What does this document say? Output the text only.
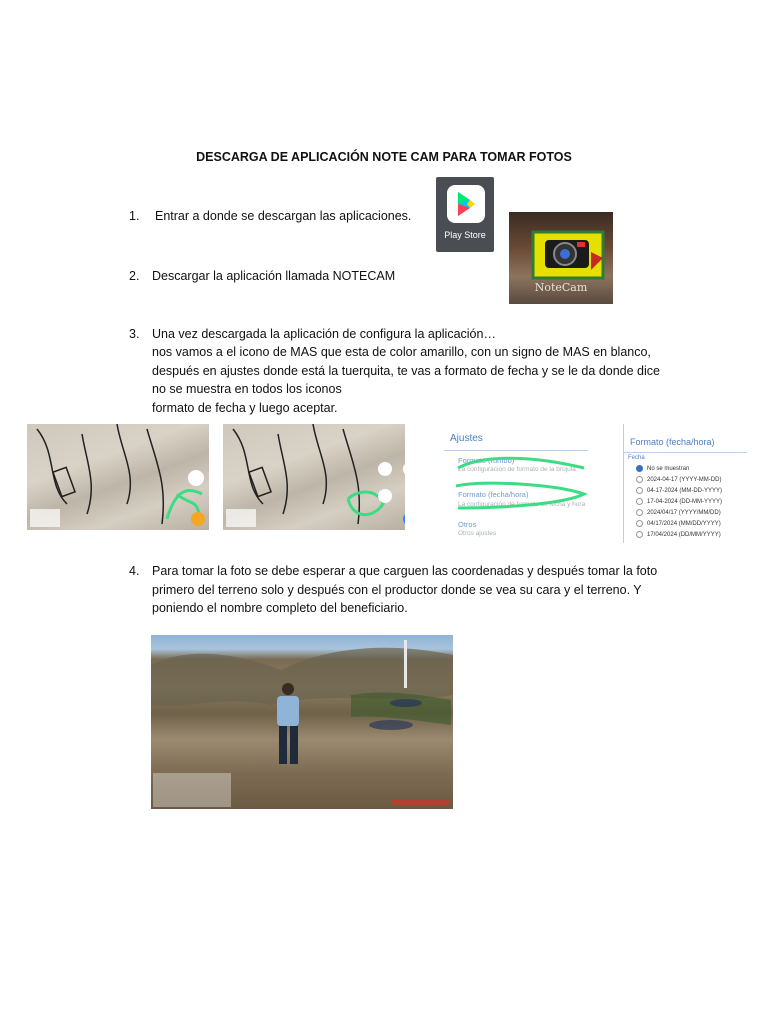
DESCARGA DE APLICACIÓN NOTE CAM PARA TOMAR FOTOS
1. Entrar a donde se descargan las aplicaciones.
Play Store
2. Descargar la aplicación llamada NOTECAM
NoteCam
3. Una vez descargada la aplicación de configura la aplicación…
nos vamos a el icono de MAS que esta de color amarillo, con un signo de MAS en blanco,
después en ajustes donde está la tuerquita, te vas a formato de fecha y se le da donde dice
no se muestra en todos los iconos
formato de fecha y luego aceptar.
Ajustes
Formato (rumbo)
La configuración de formato de la brújula
Formato (fecha/hora)
La configuración de formato de fecha y hora
Otros
Otros ajustes
Formato (fecha/hora)
Fecha
No se muestran
2024-04-17 (YYYY-MM-DD)
04-17-2024 (MM-DD-YYYY)
17-04-2024 (DD-MM-YYYY)
2024/04/17 (YYYY/MM/DD)
04/17/2024 (MM/DD/YYYY)
17/04/2024 (DD/MM/YYYY)
4. Para tomar la foto se debe esperar a que carguen las coordenadas y después tomar la foto
primero del terreno solo y después con el productor donde se vea su cara y el terreno. Y
poniendo el nombre completo del beneficiario.
